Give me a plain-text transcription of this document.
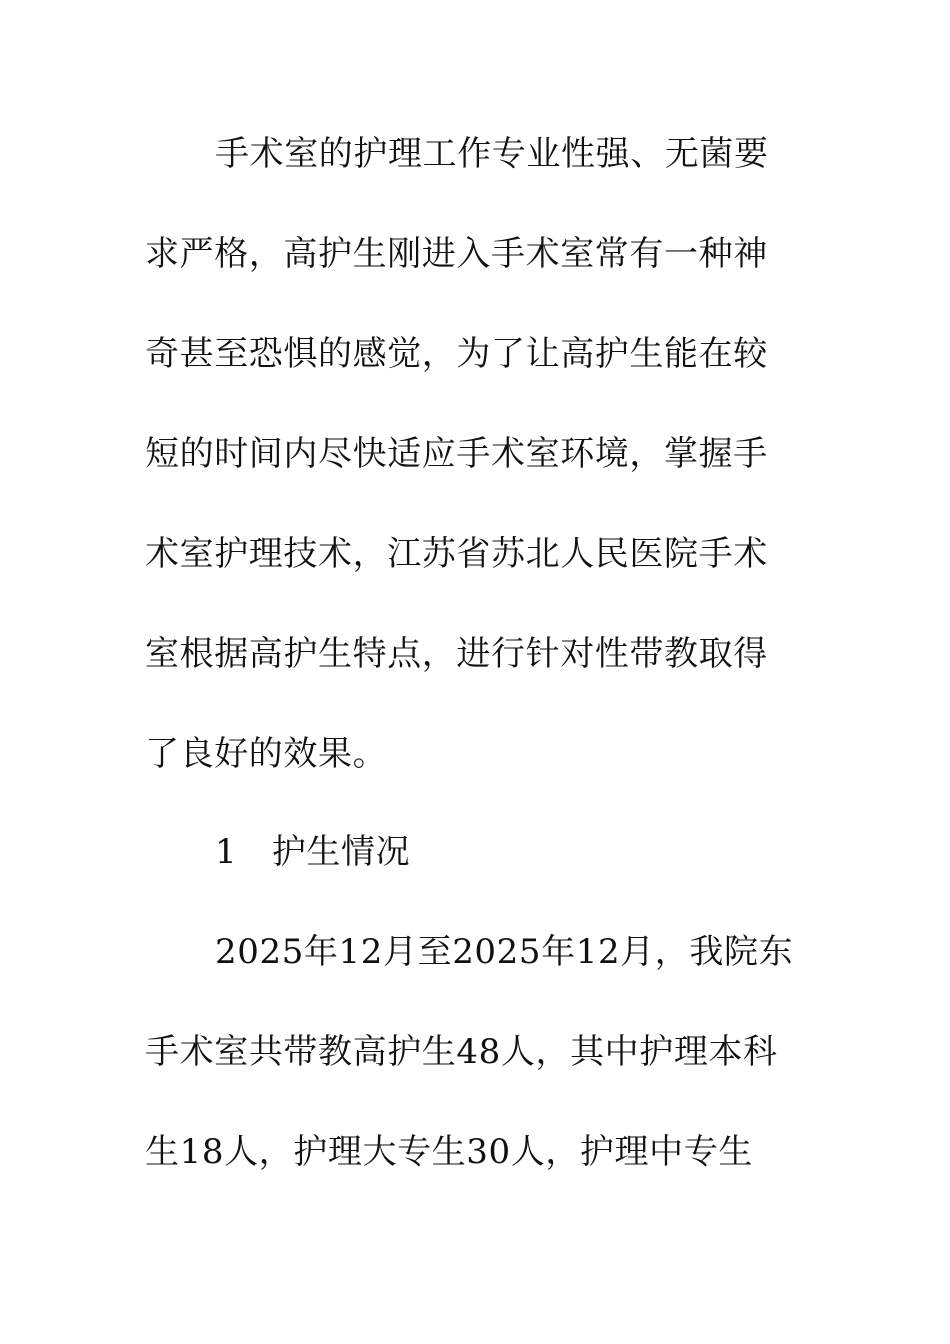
手术室的护理工作专业性强、无菌要
求严格，高护生刚进入手术室常有一种神
奇甚至恐惧的感觉，为了让高护生能在较
短的时间内尽快适应手术室环境，掌握手
术室护理技术，江苏省苏北人民医院手术
室根据高护生特点，进行针对性带教取得
了良好的效果。
1　护生情况
2025年12月至2025年12月，我院东
手术室共带教高护生48人，其中护理本科
生18人，护理大专生30人，护理中专生
